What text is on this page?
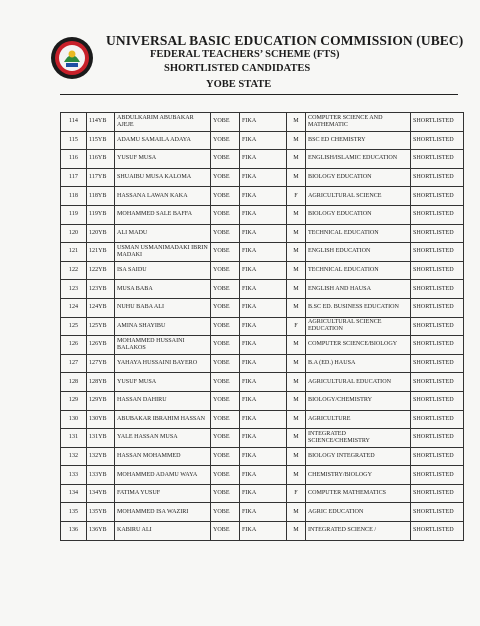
UNIVERSAL BASIC EDUCATION COMMISSION (UBEC)
FEDERAL TEACHERS’ SCHEME (FTS)
SHORTLISTED CANDIDATES
YOBE STATE
114	114YB	ABDULKARIM ABUBAKAR AJEJE	YOBE	FIKA	M	COMPUTER SCIENCE AND MATHEMATIC	SHORTLISTED
115	115YB	ADAMU SAMAILA ADAYA	YOBE	FIKA	M	BSC ED CHEMISTRY	SHORTLISTED
116	116YB	YUSUF MUSA	YOBE	FIKA	M	ENGLISH/ISLAMIC EDUCATION	SHORTLISTED
117	117YB	SHUAIBU MUSA KALOMA	YOBE	FIKA	M	BIOLOGY EDUCATION	SHORTLISTED
118	118YB	HASSANA LAWAN KAKA	YOBE	FIKA	F	AGRICULTURAL SCIENCE	SHORTLISTED
119	119YB	MOHAMMED SALE BAFFA	YOBE	FIKA	M	BIOLOGY EDUCATION	SHORTLISTED
120	120YB	ALI MADU	YOBE	FIKA	M	TECHNICAL EDUCATION	SHORTLISTED
121	121YB	USMAN USMANIMADAKI IBRIN MADAKI	YOBE	FIKA	M	ENGLISH EDUCATION	SHORTLISTED
122	122YB	ISA SAIDU	YOBE	FIKA	M	TECHNICAL EDUCATION	SHORTLISTED
123	123YB	MUSA BABA	YOBE	FIKA	M	ENGLISH AND HAUSA	SHORTLISTED
124	124YB	NUHU BABA ALI	YOBE	FIKA	M	B.SC ED. BUSINESS EDUCATION	SHORTLISTED
125	125YB	AMINA SHAYIBU	YOBE	FIKA	F	AGRICULTURAL SCIENCE EDUCATION	SHORTLISTED
126	126YB	MOHAMMED HUSSAINI BALAKOS	YOBE	FIKA	M	COMPUTER SCIENCE/BIOLOGY	SHORTLISTED
127	127YB	YAHAYA HUSSAINI BAYERO	YOBE	FIKA	M	B.A (ED.) HAUSA	SHORTLISTED
128	128YB	YUSUF MUSA	YOBE	FIKA	M	AGRICULTURAL EDUCATION	SHORTLISTED
129	129YB	HASSAN DAHIRU	YOBE	FIKA	M	BIOLOGY/CHEMISTRY	SHORTLISTED
130	130YB	ABUBAKAR IBRAHIM HASSAN	YOBE	FIKA	M	AGRICULTURE	SHORTLISTED
131	131YB	YALE HASSAN MUSA	YOBE	FIKA	M	INTEGRATED SCIENCE/CHEMISTRY	SHORTLISTED
132	132YB	HASSAN MOHAMMED	YOBE	FIKA	M	BIOLOGY INTEGRATED	SHORTLISTED
133	133YB	MOHAMMED ADAMU WAYA	YOBE	FIKA	M	CHEMISTRY/BIOLOGY	SHORTLISTED
134	134YB	FATIMA YUSUF	YOBE	FIKA	F	COMPUTER MATHEMATICS	SHORTLISTED
135	135YB	MOHAMMED ISA WAZIRI	YOBE	FIKA	M	AGRIC EDUCATION	SHORTLISTED
136	136YB	KABIRU ALI	YOBE	FIKA	M	INTEGRATED SCIENCE /	SHORTLISTED
